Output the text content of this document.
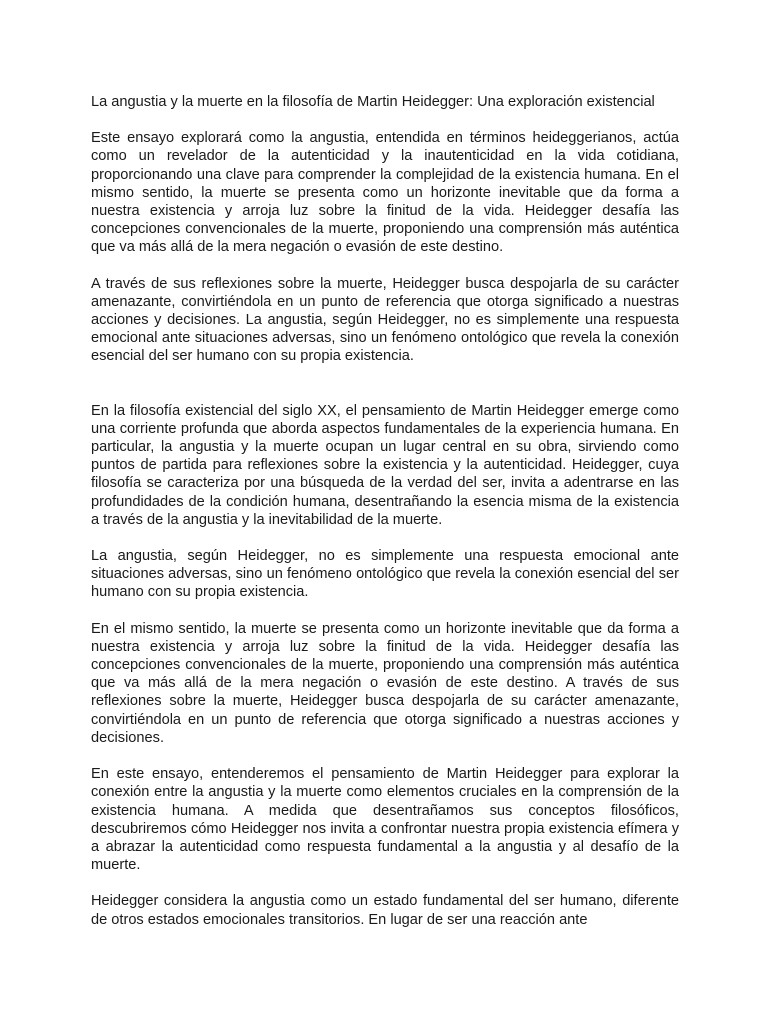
La angustia y la muerte en la filosofía de Martin Heidegger: Una exploración existencial

Este ensayo explorará como la angustia, entendida en términos heideggerianos, actúa como un revelador de la autenticidad y la inautenticidad en la vida cotidiana, proporcionando una clave para comprender la complejidad de la existencia humana. En el mismo sentido, la muerte se presenta como un horizonte inevitable que da forma a nuestra existencia y arroja luz sobre la finitud de la vida. Heidegger desafía las concepciones convencionales de la muerte, proponiendo una comprensión más auténtica que va más allá de la mera negación o evasión de este destino.

A través de sus reflexiones sobre la muerte, Heidegger busca despojarla de su carácter amenazante, convirtiéndola en un punto de referencia que otorga significado a nuestras acciones y decisiones. La angustia, según Heidegger, no es simplemente una respuesta emocional ante situaciones adversas, sino un fenómeno ontológico que revela la conexión esencial del ser humano con su propia existencia.

En la filosofía existencial del siglo XX, el pensamiento de Martin Heidegger emerge como una corriente profunda que aborda aspectos fundamentales de la experiencia humana. En particular, la angustia y la muerte ocupan un lugar central en su obra, sirviendo como puntos de partida para reflexiones sobre la existencia y la autenticidad. Heidegger, cuya filosofía se caracteriza por una búsqueda de la verdad del ser, invita a adentrarse en las profundidades de la condición humana, desentrañando la esencia misma de la existencia a través de la angustia y la inevitabilidad de la muerte.

La angustia, según Heidegger, no es simplemente una respuesta emocional ante situaciones adversas, sino un fenómeno ontológico que revela la conexión esencial del ser humano con su propia existencia.

En el mismo sentido, la muerte se presenta como un horizonte inevitable que da forma a nuestra existencia y arroja luz sobre la finitud de la vida. Heidegger desafía las concepciones convencionales de la muerte, proponiendo una comprensión más auténtica que va más allá de la mera negación o evasión de este destino. A través de sus reflexiones sobre la muerte, Heidegger busca despojarla de su carácter amenazante, convirtiéndola en un punto de referencia que otorga significado a nuestras acciones y decisiones.

En este ensayo, entenderemos el pensamiento de Martin Heidegger para explorar la conexión entre la angustia y la muerte como elementos cruciales en la comprensión de la existencia humana. A medida que desentrañamos sus conceptos filosóficos, descubriremos cómo Heidegger nos invita a confrontar nuestra propia existencia efímera y a abrazar la autenticidad como respuesta fundamental a la angustia y al desafío de la muerte.

Heidegger considera la angustia como un estado fundamental del ser humano, diferente de otros estados emocionales transitorios. En lugar de ser una reacción ante
